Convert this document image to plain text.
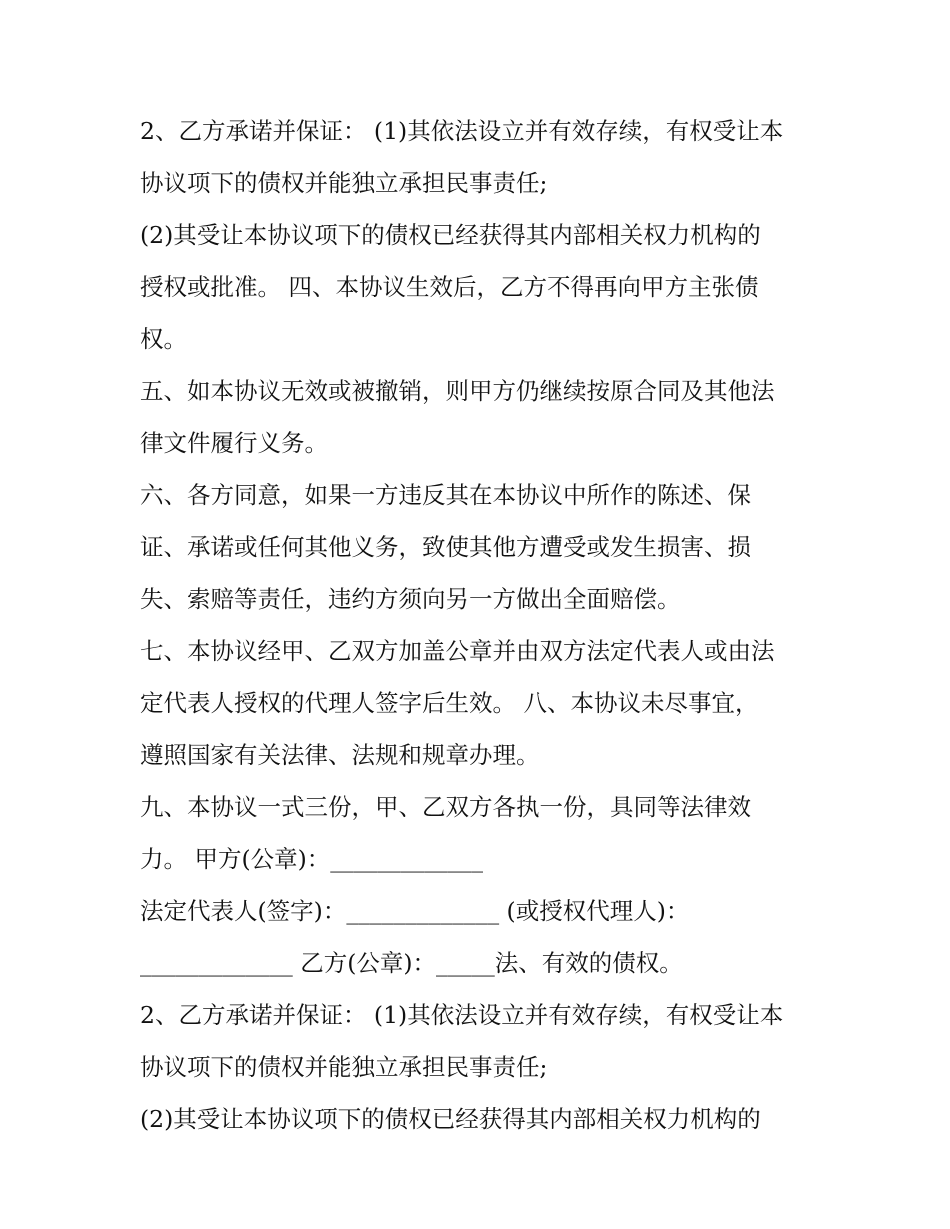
2、乙方承诺并保证： (1)其依法设立并有效存续，有权受让本
协议项下的债权并能独立承担民事责任;
(2)其受让本协议项下的债权已经获得其内部相关权力机构的
授权或批准。 四、本协议生效后，乙方不得再向甲方主张债
权。
五、如本协议无效或被撤销，则甲方仍继续按原合同及其他法
律文件履行义务。
六、各方同意，如果一方违反其在本协议中所作的陈述、保
证、承诺或任何其他义务，致使其他方遭受或发生损害、损
失、索赔等责任，违约方须向另一方做出全面赔偿。
七、本协议经甲、乙双方加盖公章并由双方法定代表人或由法
定代表人授权的代理人签字后生效。 八、本协议未尽事宜，
遵照国家有关法律、法规和规章办理。
九、本协议一式三份，甲、乙双方各执一份，具同等法律效
力。 甲方(公章)：_____________
法定代表人(签字)：_____________ (或授权代理人)：
_____________ 乙方(公章)：_____法、有效的债权。
2、乙方承诺并保证： (1)其依法设立并有效存续，有权受让本
协议项下的债权并能独立承担民事责任;
(2)其受让本协议项下的债权已经获得其内部相关权力机构的
